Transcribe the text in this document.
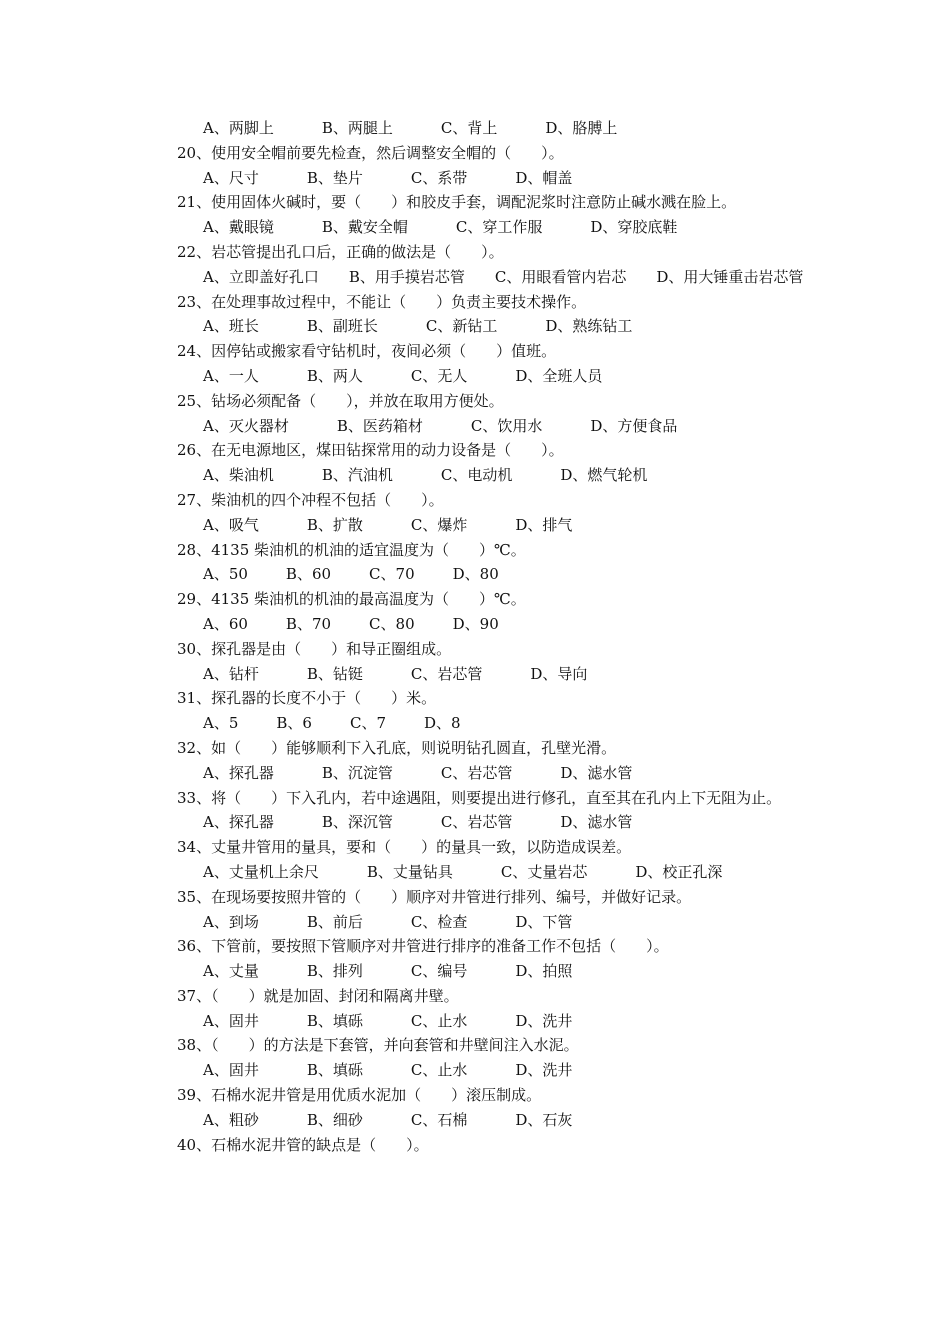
A、两脚上	B、两腿上	C、背上	D、胳膊上
20、使用安全帽前要先检查，然后调整安全帽的（　　）。
A、尺寸	B、垫片	C、系带	D、帽盖
21、使用固体火碱时，要（　　）和胶皮手套，调配泥浆时注意防止碱水溅在脸上。
A、戴眼镜	B、戴安全帽	C、穿工作服	D、穿胶底鞋
22、岩芯管提出孔口后，正确的做法是（　　）。
A、立即盖好孔口　　B、用手摸岩芯管　　C、用眼看管内岩芯　　D、用大锤重击岩芯管
23、在处理事故过程中，不能让（　　）负责主要技术操作。
A、班长	B、副班长	C、新钻工	D、熟练钻工
24、因停钻或搬家看守钻机时，夜间必须（　　）值班。
A、一人	B、两人	C、无人	D、全班人员
25、钻场必须配备（　　），并放在取用方便处。
A、灭火器材	B、医药箱材	C、饮用水	D、方便食品
26、在无电源地区，煤田钻探常用的动力设备是（　　）。
A、柴油机	B、汽油机	C、电动机	D、燃气轮机
27、柴油机的四个冲程不包括（　　）。
A、吸气	B、扩散	C、爆炸	D、排气
28、4135 柴油机的机油的适宜温度为（　　）℃。
A、50	B、60	C、70	D、80
29、4135 柴油机的机油的最高温度为（　　）℃。
A、60	B、70	C、80	D、90
30、探孔器是由（　　）和导正圈组成。
A、钻杆	B、钻铤	C、岩芯管	D、导向
31、探孔器的长度不小于（　　）米。
A、5	B、6	C、7	D、8
32、如（　　）能够顺利下入孔底，则说明钻孔圆直，孔壁光滑。
A、探孔器	B、沉淀管	C、岩芯管	D、滤水管
33、将（　　）下入孔内，若中途遇阻，则要提出进行修孔，直至其在孔内上下无阻为止。
A、探孔器	B、深沉管	C、岩芯管	D、滤水管
34、丈量井管用的量具，要和（　　）的量具一致，以防造成误差。
A、丈量机上余尺	B、丈量钻具	C、丈量岩芯	D、校正孔深
35、在现场要按照井管的（　　）顺序对井管进行排列、编号，并做好记录。
A、到场	B、前后	C、检查	D、下管
36、下管前，要按照下管顺序对井管进行排序的准备工作不包括（　　）。
A、丈量	B、排列	C、编号	D、拍照
37、（　　）就是加固、封闭和隔离井壁。
A、固井	B、填砾	C、止水	D、洗井
38、（　　）的方法是下套管，并向套管和井壁间注入水泥。
A、固井	B、填砾	C、止水	D、洗井
39、石棉水泥井管是用优质水泥加（　　）滚压制成。
A、粗砂	B、细砂	C、石棉	D、石灰
40、石棉水泥井管的缺点是（　　）。
